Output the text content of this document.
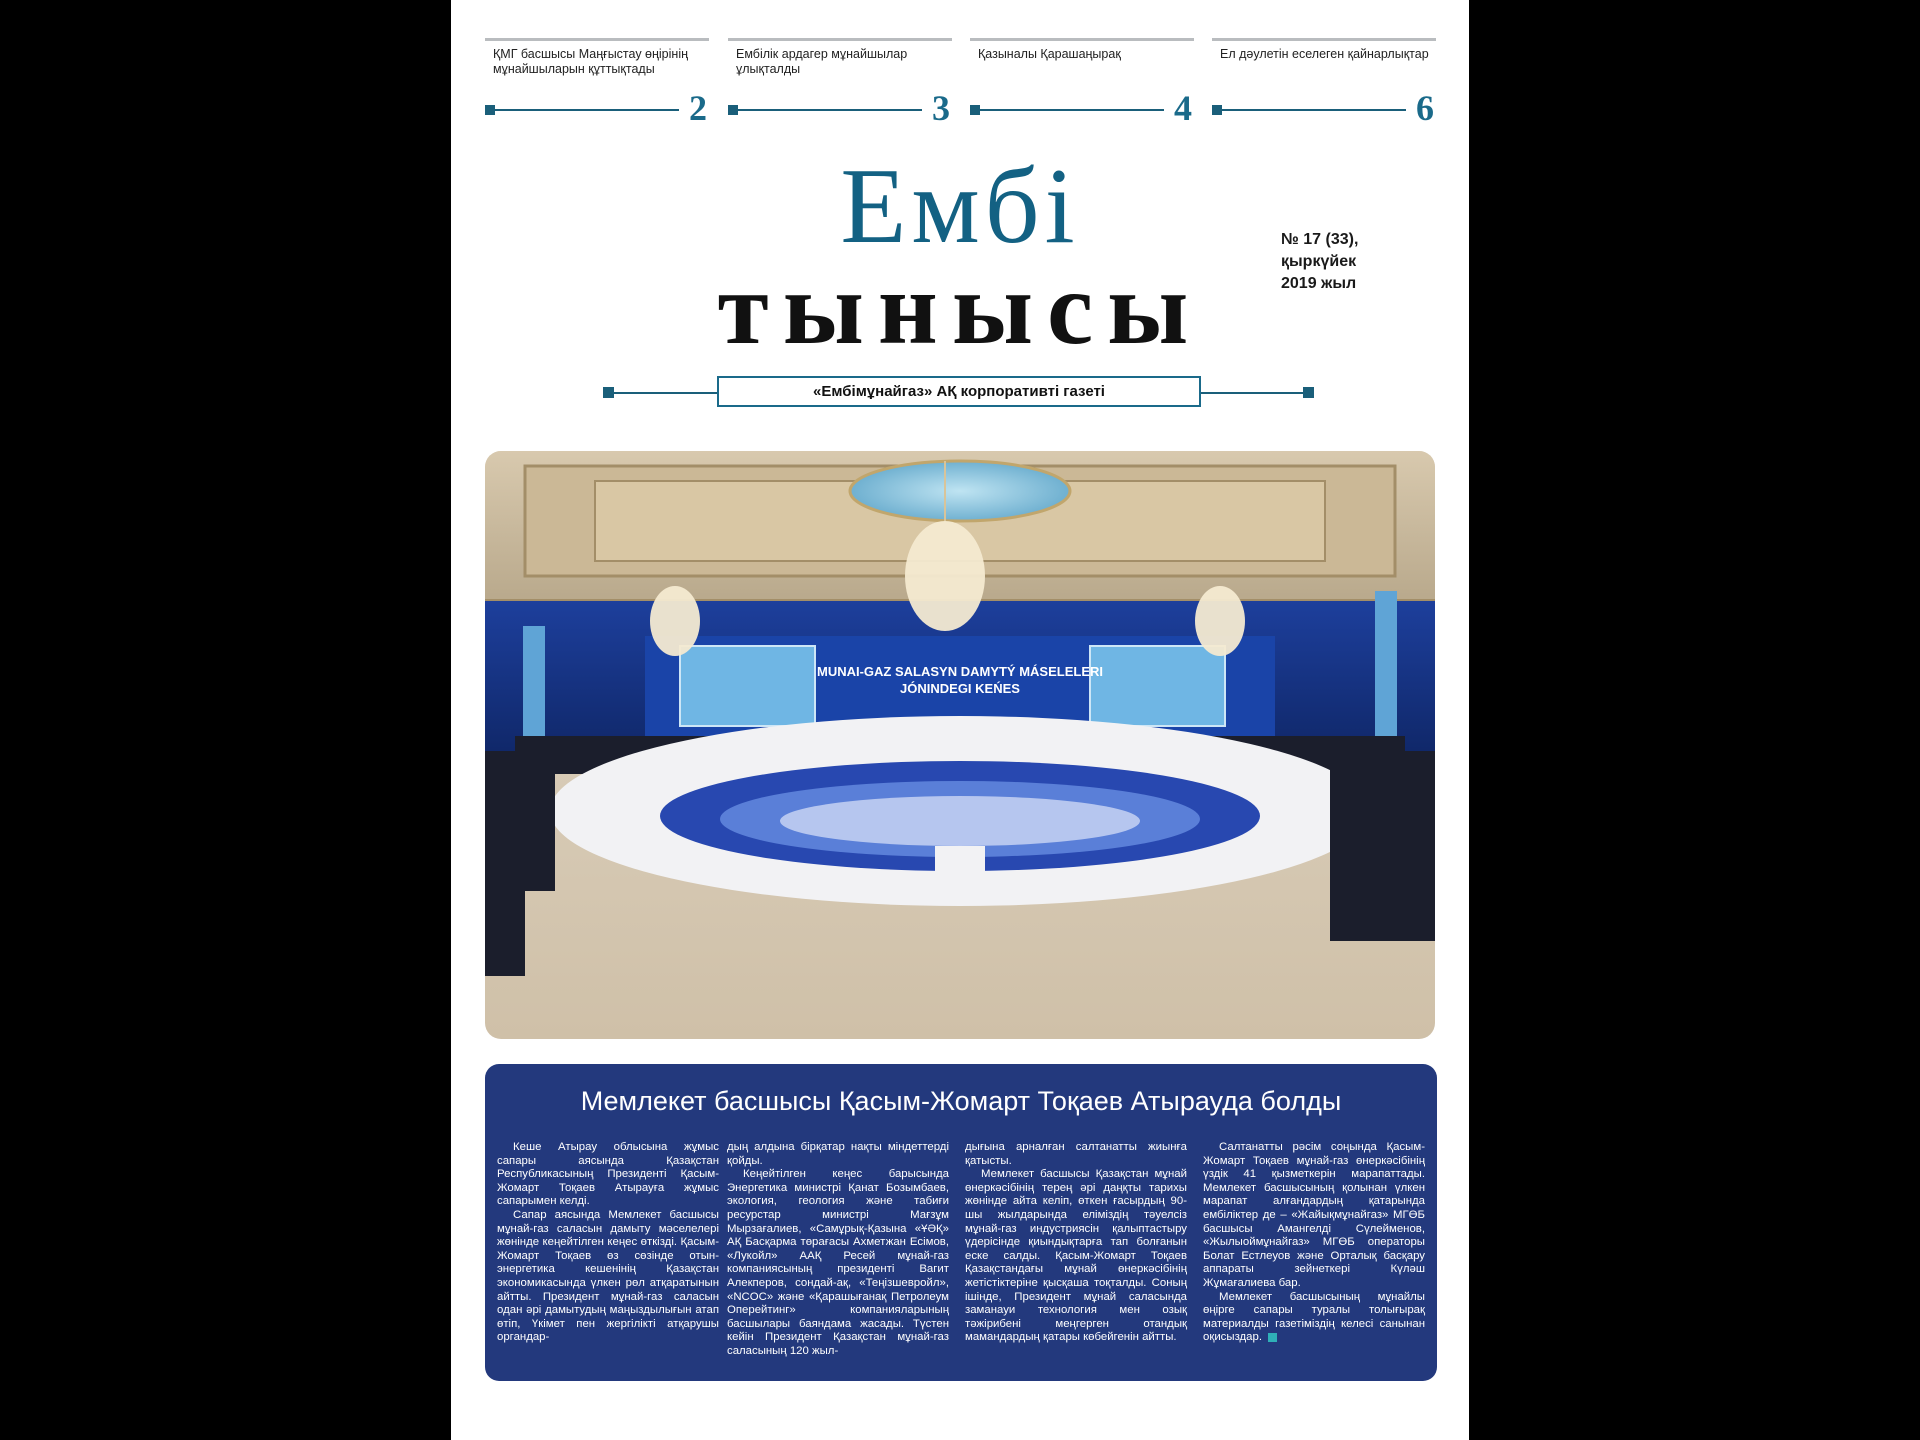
ҚМГ басшысы Маңғыстау өңірінің мұнайшыларын құттықтады
2
Ембілік ардагер мұнайшылар ұлықталды
3
Қазыналы Қарашаңырақ
4
Ел дәулетін еселеген қайнарлықтар
6
Ембі
тынысы
№ 17 (33),
қыркүйек
2019 жыл
«Ембімұнайгаз» АҚ корпоративті газеті
MUNAI-GAZ SALASYN DAMYTÝ MÁSELELERI
JÓNINDEGI KEŃES
Мемлекет басшысы Қасым-Жомарт Тоқаев Атырауда болды

Кеше Атырау облысына жұмыс сапары аясында Қазақстан Республикасының Президенті Қасым-Жомарт Тоқаев Атырауға жұмыс сапарымен келді.

Сапар аясында Мемлекет басшысы мұнай-газ саласын дамыту мәселелері жөнінде кеңейтілген кеңес өткізді. Қасым-Жомарт Тоқаев өз сөзінде отын-энергетика кешенінің Қазақстан экономикасында үлкен рөл атқаратынын айтты. Президент мұнай-газ саласын одан әрі дамытудың маңыздылығын атап өтіп, Үкімет пен жергілікті атқарушы органдар-

дың алдына бірқатар нақты міндеттерді қойды.

Кеңейтілген кеңес барысында Энергетика министрі Қанат Бозымбаев, экология, геология және табиғи ресурстар министрі Мағзұм Мырзағалиев, «Самұрық-Қазына «ҰӘҚ» АҚ Басқарма төрағасы Ахметжан Есімов, «Лукойл» ААҚ Ресей мұнай-газ компаниясының президенті Вагит Алекперов, сондай-ақ, «Теңізшевройл», «NCOC» және «Қарашығанақ Петролеум Оперейтинг» компанияларының басшылары баяндама жасады. Түстен кейін Президент Қазақстан мұнай-газ саласының 120 жыл-

дығына арналған салтанатты жиынға қатысты.

Мемлекет басшысы Қазақстан мұнай өнеркәсібінің терең әрі даңқты тарихы жөнінде айта келіп, өткен ғасырдың 90-шы жылдарында еліміздің тәуелсіз мұнай-газ индустриясін қалыптастыру үдерісінде қиындықтарға тап болғанын еске салды. Қасым-Жомарт Тоқаев Қазақстандағы мұнай өнеркәсібінің жетістіктеріне қысқаша тоқталды. Соның ішінде, Президент мұнай саласында заманауи технология мен озық тәжірибені меңгерген отандық мамандардың қатары көбейгенін айтты.

Салтанатты рәсім соңында Қасым-Жомарт Тоқаев мұнай-газ өнеркәсібінің үздік 41 қызметкерін марапаттады. Мемлекет басшысының қолынан үлкен марапат алғандардың қатарында ембіліктер де – «Жайықмұнайгаз» МГӨБ басшысы Амангелді Сүлейменов, «Жылыоймұнайгаз» МГӨБ операторы Болат Естлеуов және Орталық басқару аппараты зейнеткері Күләш Жұмағалиева бар.

Мемлекет басшысының мұнайлы өңірге сапары туралы толығырақ материалды газетіміздің келесі санынан оқисыздар.
